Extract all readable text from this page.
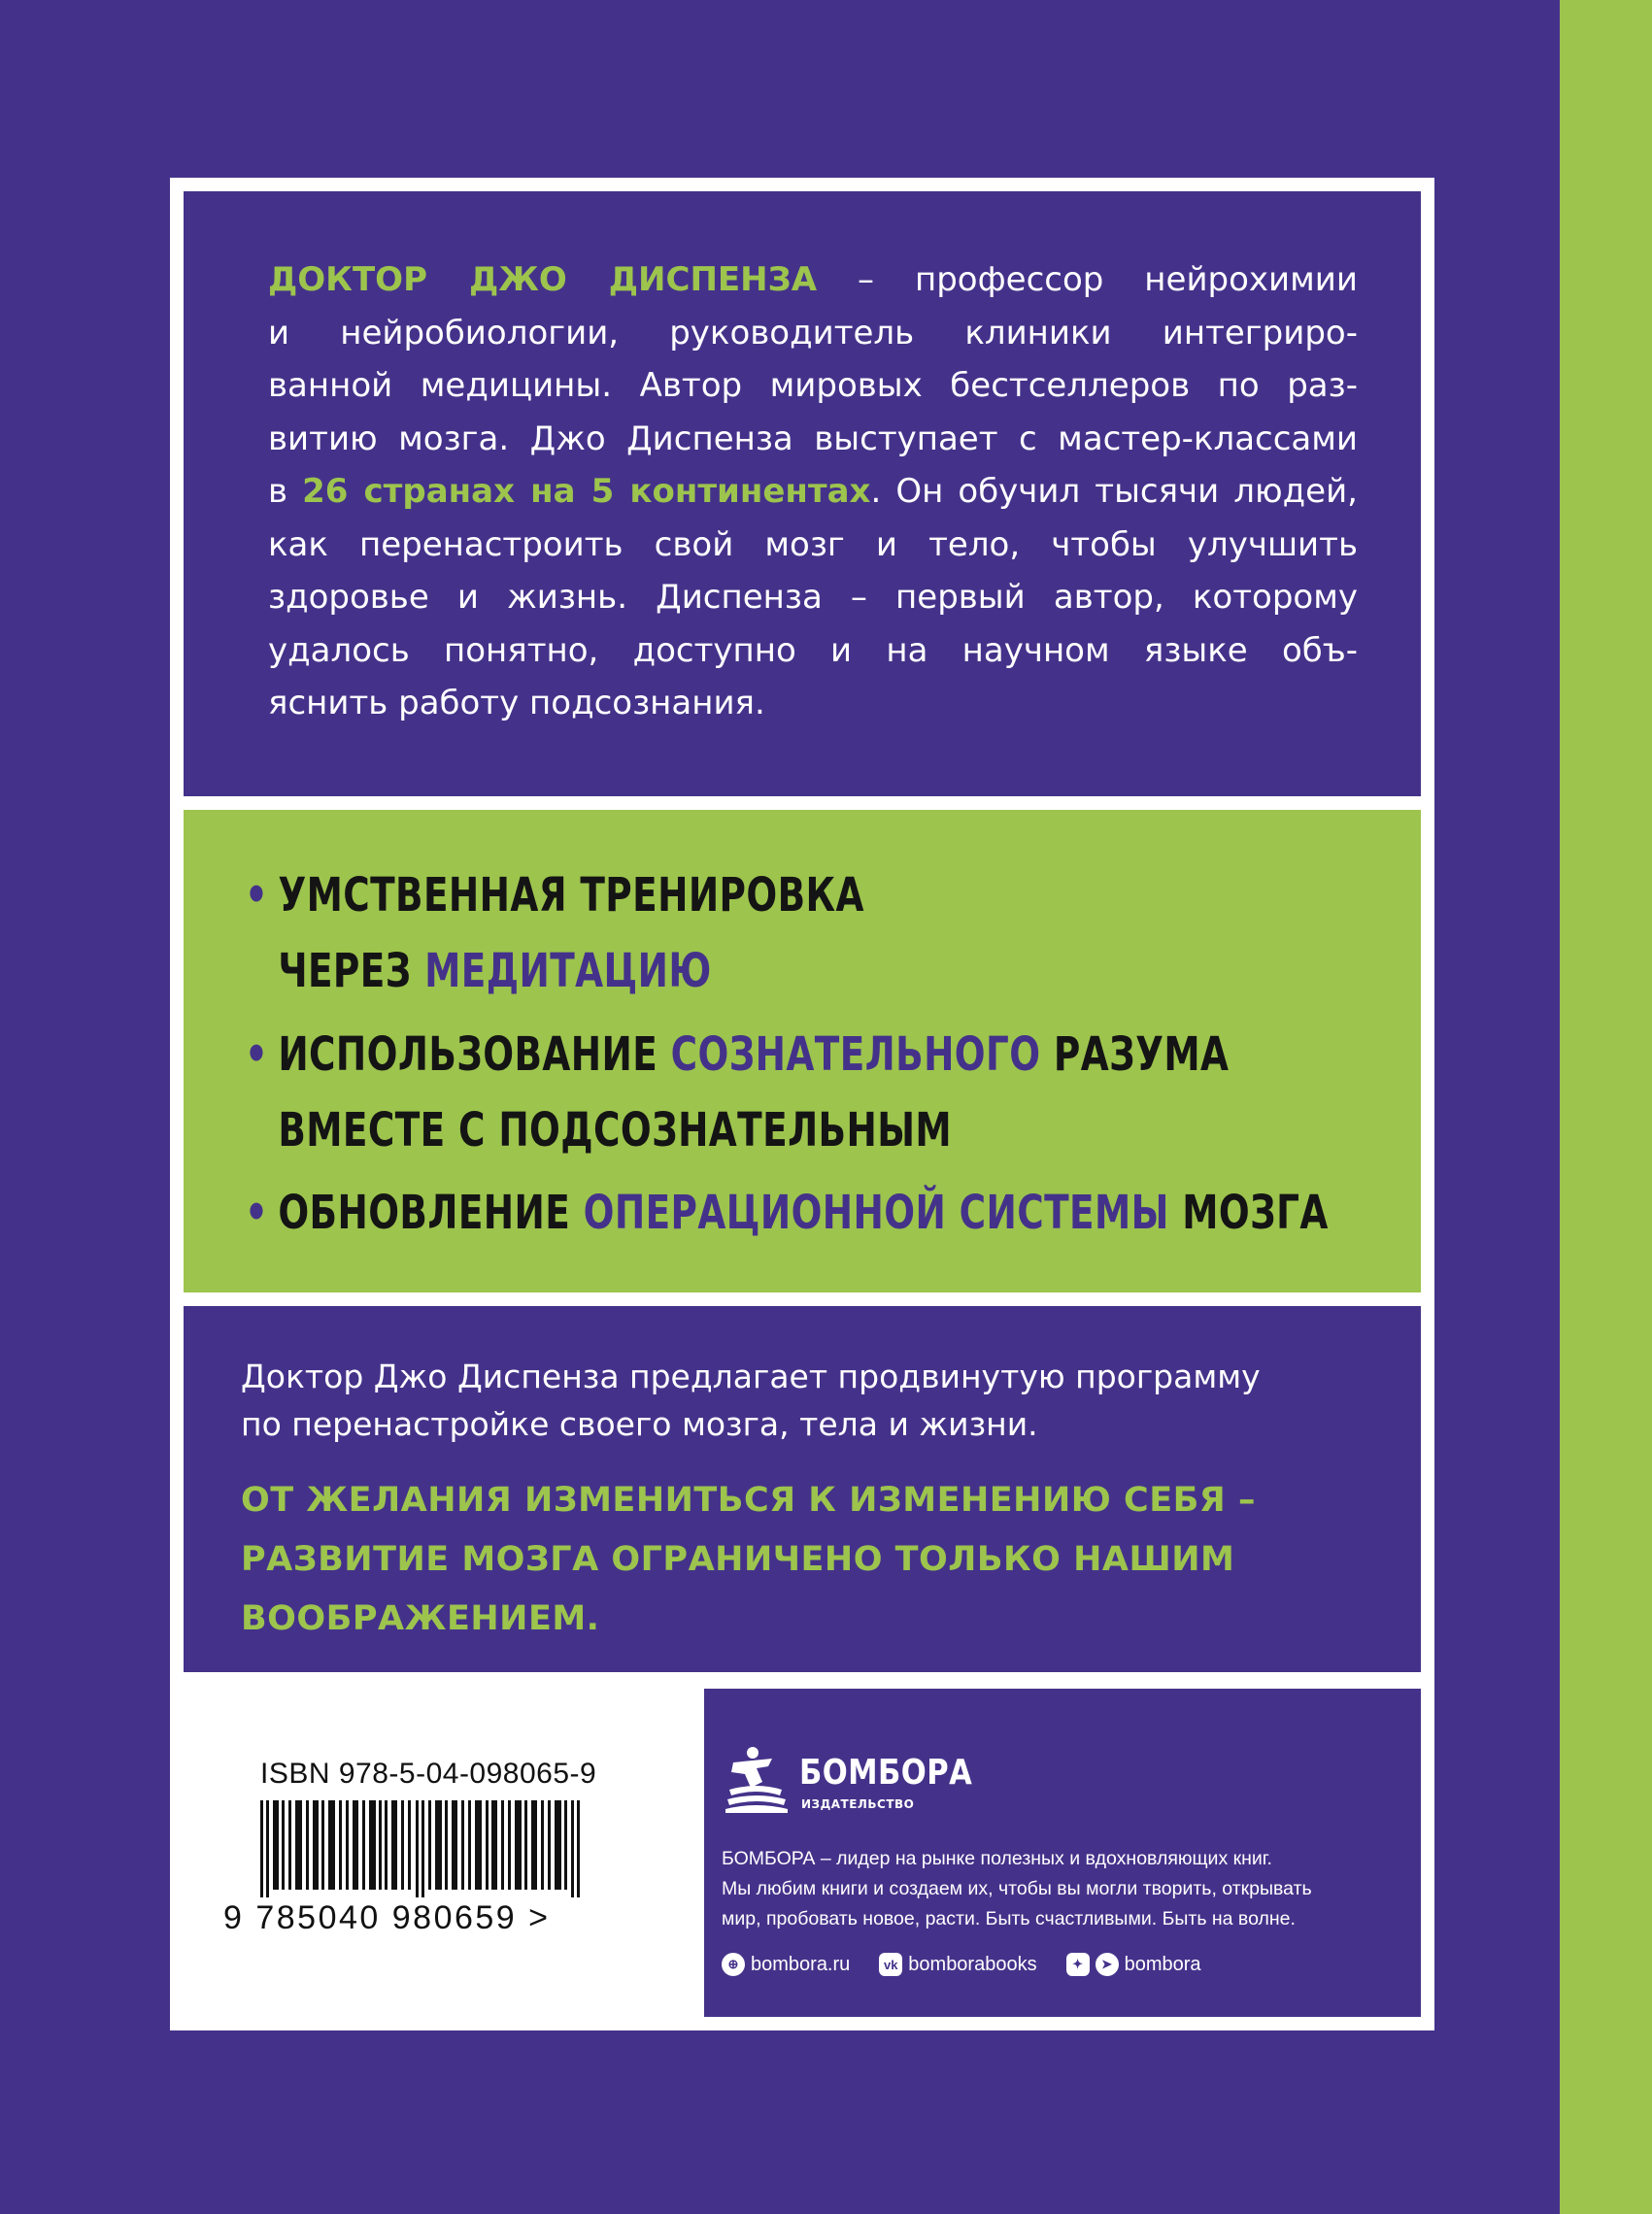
ДОКТОР ДЖО ДИСПЕНЗА – профессор нейрохимии
и нейробиологии, руководитель клиники интегриро-
ванной медицины. Автор мировых бестселлеров по раз-
витию мозга. Джо Диспенза выступает с мастер-классами
в 26 странах на 5 континентах. Он обучил тысячи людей,
как перенастроить свой мозг и тело, чтобы улучшить
здоровье и жизнь. Диспенза – первый автор, которому
удалось понятно, доступно и на научном языке объ-
яснить работу подсознания.
• УМСТВЕННАЯ ТРЕНИРОВКА
ЧЕРЕЗ МЕДИТАЦИЮ
• ИСПОЛЬЗОВАНИЕ СОЗНАТЕЛЬНОГО РАЗУМА
ВМЕСТЕ С ПОДСОЗНАТЕЛЬНЫМ
• ОБНОВЛЕНИЕ ОПЕРАЦИОННОЙ СИСТЕМЫ МОЗГА
Доктор Джо Диспенза предлагает продвинутую программу
по перенастройке своего мозга, тела и жизни.
ОТ ЖЕЛАНИЯ ИЗМЕНИТЬСЯ К ИЗМЕНЕНИЮ СЕБЯ –
РАЗВИТИЕ МОЗГА ОГРАНИЧЕНО ТОЛЬКО НАШИМ
ВООБРАЖЕНИЕМ.
ISBN 978-5-04-098065-9
9 785040 980659 >
БОМБОРА
ИЗДАТЕЛЬСТВО
БОМБОРА – лидер на рынке полезных и вдохновляющих книг.
Мы любим книги и создаем их, чтобы вы могли творить, открывать
мир, пробовать новое, расти. Быть счастливыми. Быть на волне.
⊕ bombora.ru	vk bomborabooks	✦	➤ bombora
